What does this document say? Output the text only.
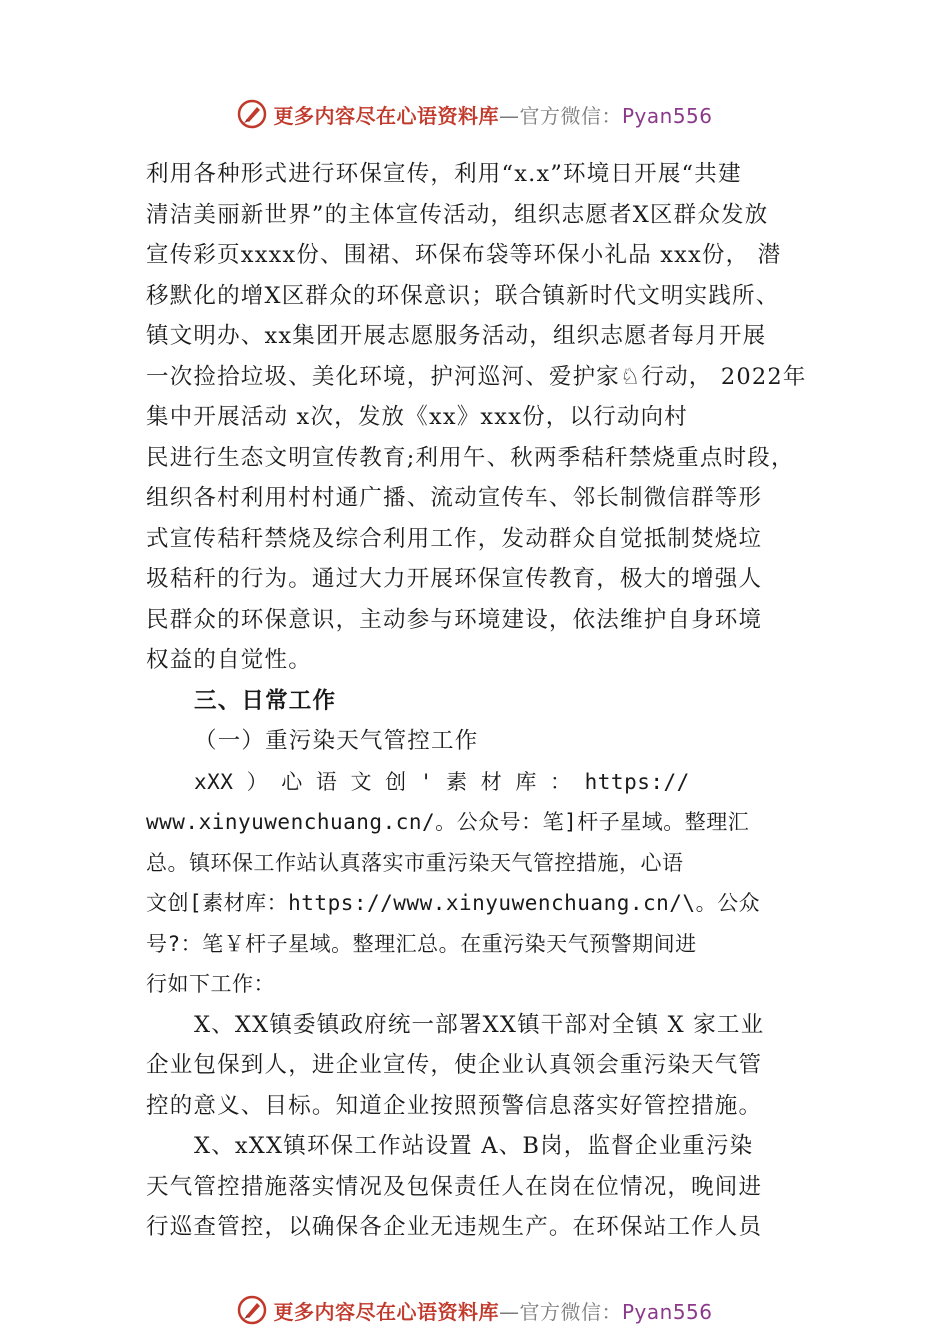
更多内容尽在心语资料库—官方微信：Pyan556
利用各种形式进行环保宣传，利用“x.x”环境日开展“共建
清洁美丽新世界”的主体宣传活动，组织志愿者X区群众发放
宣传彩页xxxx份、围裙、环保布袋等环保小礼品 xxx份， 潜
移默化的增X区群众的环保意识；联合镇新时代文明实践所、
镇文明办、xx集团开展志愿服务活动，组织志愿者每月开展
一次捡拾垃圾、美化环境，护河巡河、爱护家♘行动， 2022年
集中开展活动 x次，发放《xx》xxx份，以行动向村
民进行生态文明宣传教育;利用午、秋两季秸秆禁烧重点时段，
组织各村利用村村通广播、流动宣传车、邻长制微信群等形
式宣传秸秆禁烧及综合利用工作，发动群众自觉抵制焚烧垃
圾秸秆的行为。通过大力开展环保宣传教育，极大的增强人
民群众的环保意识，主动参与环境建设，依法维护自身环境
权益的自觉性。
三、日常工作
（一）重污染天气管控工作
xXX ） 心 语 文 创 ' 素 材 库 ： https://
www.xinyuwenchuang.cn/。公众号：笔]杆子星域。整理汇
总。镇环保工作站认真落实市重污染天气管控措施，心语
文创[素材库：https://www.xinyuwenchuang.cn/\。公众
号?：笔￥杆子星域。整理汇总。在重污染天气预警期间进
行如下工作：
X、XX镇委镇政府统一部署XX镇干部对全镇 X 家工业
企业包保到人，进企业宣传，使企业认真领会重污染天气管
控的意义、目标。知道企业按照预警信息落实好管控措施。
X、xXX镇环保工作站设置 A、B岗，监督企业重污染
天气管控措施落实情况及包保责任人在岗在位情况，晚间进
行巡查管控，以确保各企业无违规生产。在环保站工作人员
更多内容尽在心语资料库—官方微信：Pyan556
